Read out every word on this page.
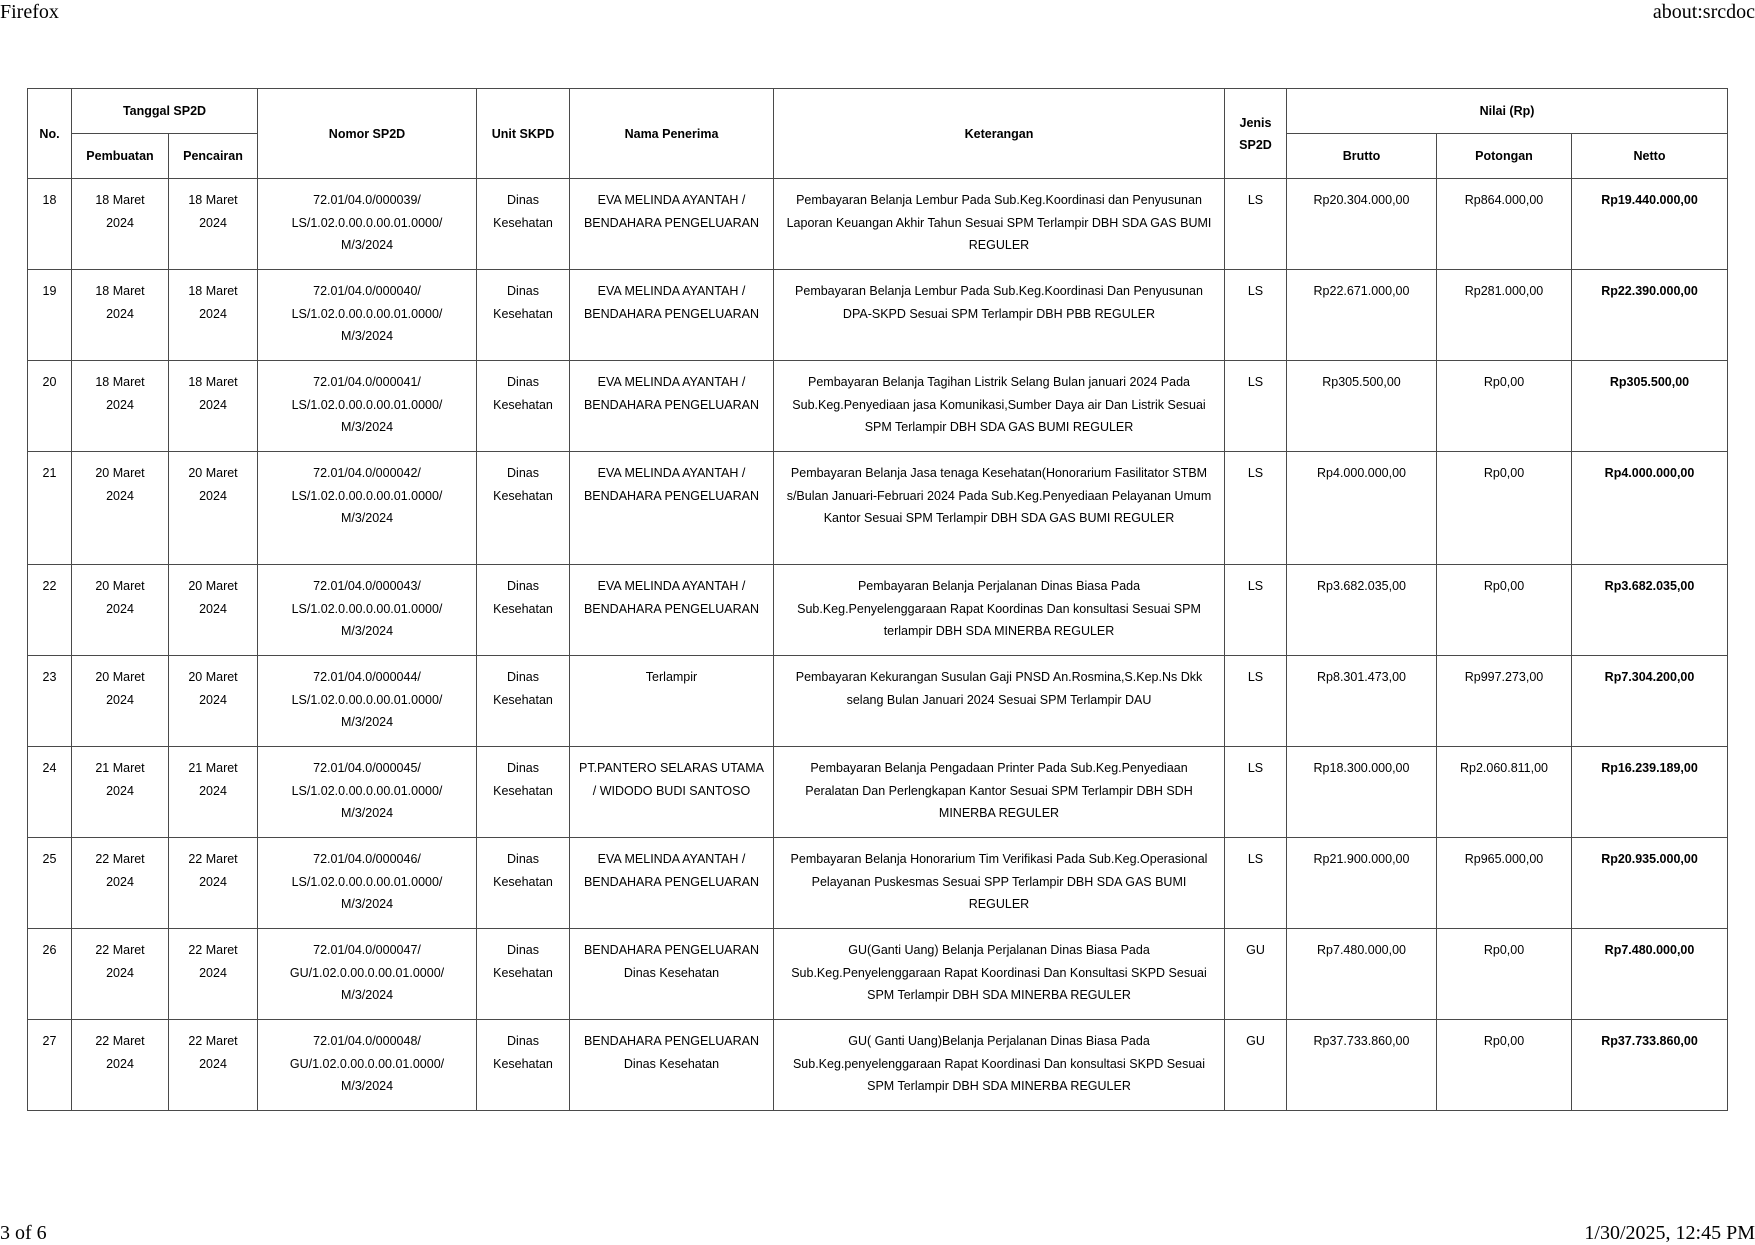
Firefox	about:srcdoc
No.	Tanggal SP2D		Nomor SP2D	Unit SKPD	Nama Penerima	Keterangan	Jenis SP2D	Nilai (Rp)		
	Pembuatan	Pencairan						Brutto	Potongan	Netto
18	18 Maret 2024	18 Maret 2024	72.01/04.0/000039/ LS/1.02.0.00.0.00.01.0000/ M/3/2024	Dinas Kesehatan	EVA MELINDA AYANTAH / BENDAHARA PENGELUARAN	Pembayaran Belanja Lembur Pada Sub.Keg.Koordinasi dan Penyusunan Laporan Keuangan Akhir Tahun Sesuai SPM Terlampir DBH SDA GAS BUMI REGULER	LS	Rp20.304.000,00	Rp864.000,00	Rp19.440.000,00
19	18 Maret 2024	18 Maret 2024	72.01/04.0/000040/ LS/1.02.0.00.0.00.01.0000/ M/3/2024	Dinas Kesehatan	EVA MELINDA AYANTAH / BENDAHARA PENGELUARAN	Pembayaran Belanja Lembur Pada Sub.Keg.Koordinasi Dan Penyusunan DPA-SKPD Sesuai SPM Terlampir DBH PBB REGULER	LS	Rp22.671.000,00	Rp281.000,00	Rp22.390.000,00
20	18 Maret 2024	18 Maret 2024	72.01/04.0/000041/ LS/1.02.0.00.0.00.01.0000/ M/3/2024	Dinas Kesehatan	EVA MELINDA AYANTAH / BENDAHARA PENGELUARAN	Pembayaran Belanja Tagihan Listrik Selang Bulan januari 2024 Pada Sub.Keg.Penyediaan jasa Komunikasi,Sumber Daya air Dan Listrik Sesuai SPM Terlampir DBH SDA GAS BUMI REGULER	LS	Rp305.500,00	Rp0,00	Rp305.500,00
21	20 Maret 2024	20 Maret 2024	72.01/04.0/000042/ LS/1.02.0.00.0.00.01.0000/ M/3/2024	Dinas Kesehatan	EVA MELINDA AYANTAH / BENDAHARA PENGELUARAN	Pembayaran Belanja Jasa tenaga Kesehatan(Honorarium Fasilitator STBM s/Bulan Januari-Februari 2024 Pada Sub.Keg.Penyediaan Pelayanan Umum Kantor Sesuai SPM Terlampir DBH SDA GAS BUMI REGULER	LS	Rp4.000.000,00	Rp0,00	Rp4.000.000,00
22	20 Maret 2024	20 Maret 2024	72.01/04.0/000043/ LS/1.02.0.00.0.00.01.0000/ M/3/2024	Dinas Kesehatan	EVA MELINDA AYANTAH / BENDAHARA PENGELUARAN	Pembayaran Belanja Perjalanan Dinas Biasa Pada Sub.Keg.Penyelenggaraan Rapat Koordinas Dan konsultasi Sesuai SPM terlampir DBH SDA MINERBA REGULER	LS	Rp3.682.035,00	Rp0,00	Rp3.682.035,00
23	20 Maret 2024	20 Maret 2024	72.01/04.0/000044/ LS/1.02.0.00.0.00.01.0000/ M/3/2024	Dinas Kesehatan	Terlampir	Pembayaran Kekurangan Susulan Gaji PNSD An.Rosmina,S.Kep.Ns Dkk selang Bulan Januari 2024 Sesuai SPM Terlampir DAU	LS	Rp8.301.473,00	Rp997.273,00	Rp7.304.200,00
24	21 Maret 2024	21 Maret 2024	72.01/04.0/000045/ LS/1.02.0.00.0.00.01.0000/ M/3/2024	Dinas Kesehatan	PT.PANTERO SELARAS UTAMA / WIDODO BUDI SANTOSO	Pembayaran Belanja Pengadaan Printer Pada Sub.Keg.Penyediaan Peralatan Dan Perlengkapan Kantor Sesuai SPM Terlampir DBH SDH MINERBA REGULER	LS	Rp18.300.000,00	Rp2.060.811,00	Rp16.239.189,00
25	22 Maret 2024	22 Maret 2024	72.01/04.0/000046/ LS/1.02.0.00.0.00.01.0000/ M/3/2024	Dinas Kesehatan	EVA MELINDA AYANTAH / BENDAHARA PENGELUARAN	Pembayaran Belanja Honorarium Tim Verifikasi Pada Sub.Keg.Operasional Pelayanan Puskesmas Sesuai SPP Terlampir DBH SDA GAS BUMI REGULER	LS	Rp21.900.000,00	Rp965.000,00	Rp20.935.000,00
26	22 Maret 2024	22 Maret 2024	72.01/04.0/000047/ GU/1.02.0.00.0.00.01.0000/ M/3/2024	Dinas Kesehatan	BENDAHARA PENGELUARAN Dinas Kesehatan	GU(Ganti Uang) Belanja Perjalanan Dinas Biasa Pada Sub.Keg.Penyelenggaraan Rapat Koordinasi Dan Konsultasi SKPD Sesuai SPM Terlampir DBH SDA MINERBA REGULER	GU	Rp7.480.000,00	Rp0,00	Rp7.480.000,00
27	22 Maret 2024	22 Maret 2024	72.01/04.0/000048/ GU/1.02.0.00.0.00.01.0000/ M/3/2024	Dinas Kesehatan	BENDAHARA PENGELUARAN Dinas Kesehatan	GU( Ganti Uang)Belanja Perjalanan Dinas Biasa Pada Sub.Keg.penyelenggaraan Rapat Koordinasi Dan konsultasi SKPD Sesuai SPM Terlampir DBH SDA MINERBA REGULER	GU	Rp37.733.860,00	Rp0,00	Rp37.733.860,00
3 of 6	1/30/2025, 12:45 PM
